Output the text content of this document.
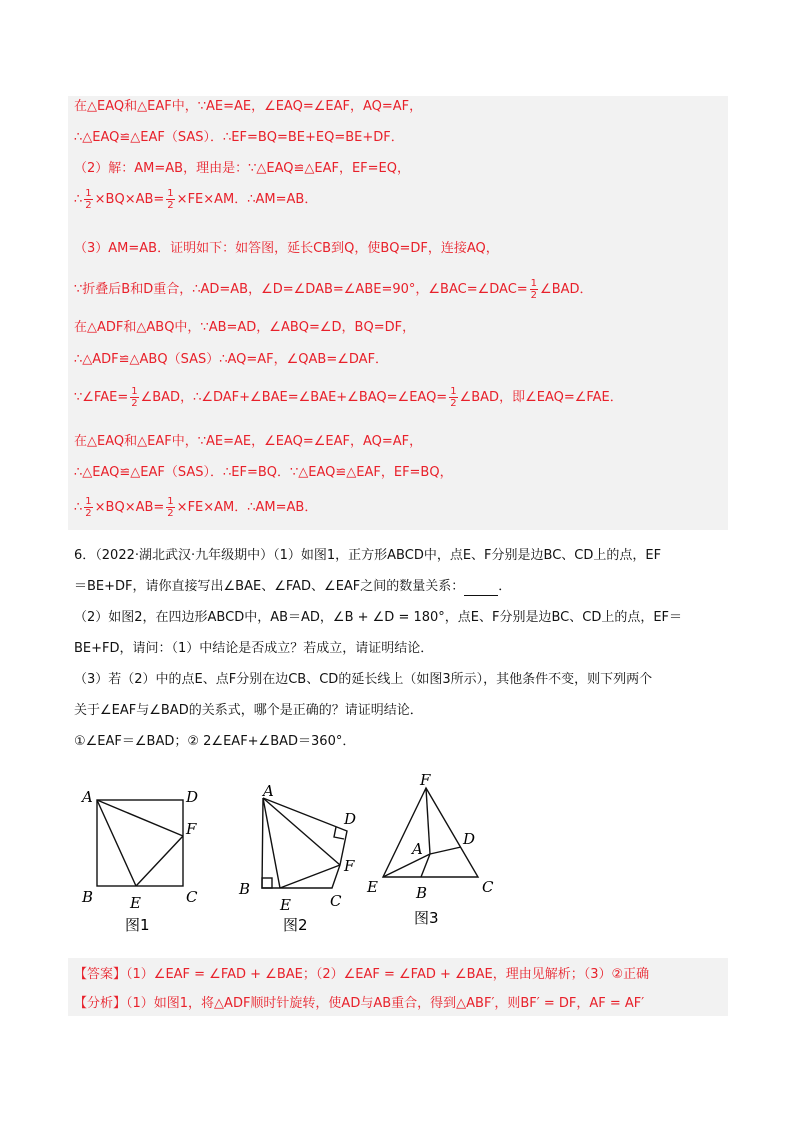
在△EAQ和△EAF中，∵AE=AE，∠EAQ=∠EAF，AQ=AF，
∴△EAQ≌△EAF（SAS）．∴EF=BQ=BE+EQ=BE+DF．
（2）解：AM=AB，理由是：∵△EAQ≌△EAF，EF=EQ，
∴ $\frac{1}{2} \times BQ\times AB= \frac{1}{2} \times FE\times AM$．∴AM=AB．
（3）AM=AB．证明如下：如答图，延长CB到Q，使BQ=DF，连接AQ，
∵折叠后B和D重合，∴AD=AB，∠D=∠DAB=∠ABE=90°，∠BAC=∠DAC= $\frac{1}{2}$ ∠BAD．
在△ADF和△ABQ中，∵AB=AD，∠ABQ=∠D，BQ=DF，
∴△ADF≌△ABQ（SAS）∴AQ=AF，∠QAB=∠DAF．
∵∠FAE= $\frac{1}{2}$ ∠BAD，∴∠DAF+∠BAE=∠BAE+∠BAQ=∠EAQ= $\frac{1}{2}$ ∠BAD，即∠EAQ=∠FAE．
在△EAQ和△EAF中，∵AE=AE，∠EAQ=∠EAF，AQ=AF，
∴△EAQ≌△EAF（SAS）．∴EF=BQ．∵△EAQ≌△EAF，EF=BQ，
∴ $\frac{1}{2} \times BQ\times AB= \frac{1}{2} \times FE\times AM$．∴AM=AB．
6．（2022·湖北武汉·九年级期中）（1）如图1，正方形ABCD中，点E、F分别是边BC、CD上的点，EF
＝BE+DF，请你直接写出∠BAE、∠FAD、∠EAF之间的数量关系：	．
（2）如图2，在四边形ABCD中，AB＝AD，∠B + ∠D = 180°，点E、F分别是边BC、CD上的点，EF＝
BE+FD，请问：（1）中结论是否成立？若成立，请证明结论．
（3）若（2）中的点E、点F分别在边CB、CD的延长线上（如图3所示），其他条件不变，则下列两个
关于∠EAF与∠BAD的关系式，哪个是正确的？请证明结论．
①∠EAF＝∠BAD；② 2∠EAF+∠BAD＝360°．
A	D
F
B E	C
图1
A
D
F
B
E	C
图2
F
A
D
E	B	C
图3
【答案】（1）∠EAF = ∠FAD + ∠BAE；（2）∠EAF = ∠FAD + ∠BAE，理由见解析；（3）②正确
【分析】（1）如图1，将△ADF顺时针旋转，使AD与AB重合，得到△ABF′，则BF′ = DF，AF = AF′
